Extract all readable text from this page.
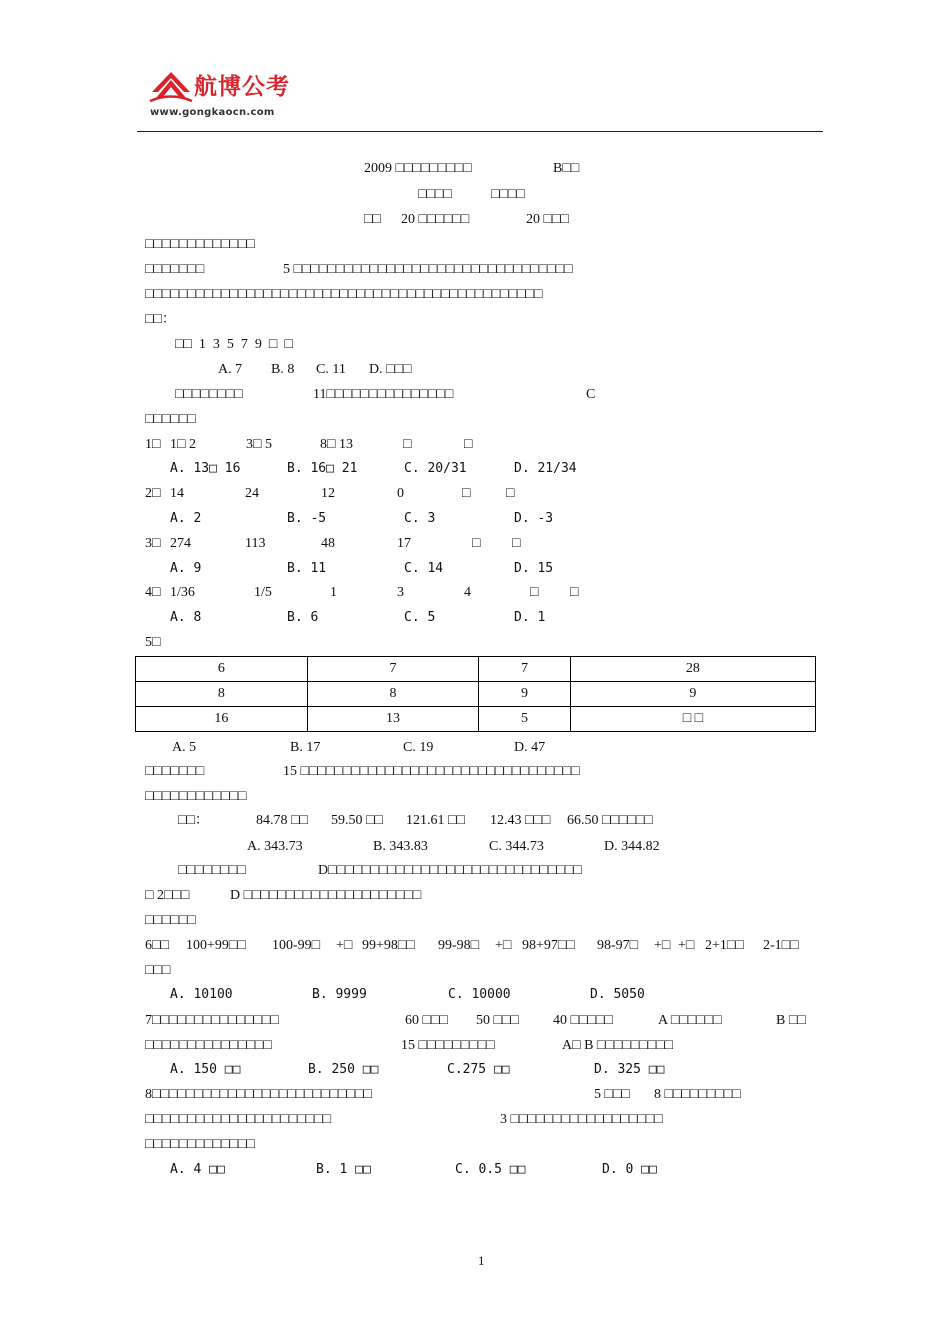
航博公考
www.gongkaocn.com
2009 □□□□□□□□□	B□□
□□□□	□□□□
□□ 20 □□□□□□	20 □□□
□□□□□□□□□□□□□
□□□□□□□	5 □□□□□□□□□□□□□□□□□□□□□□□□□□□□□□□□□
□□□□□□□□□□□□□□□□□□□□□□□□□□□□□□□□□□□□□□□□□□□□□□□
□□：
□□  1  3  5  7  9  □  □
A. 7 B. 8 C. 11 D. □□□
□□□□□□□□	11□□□□□□□□□□□□□□□	C
□□□□□□
1□ 1□ 2	3□ 5	8□ 13	□	□
A. 13□ 16	B. 16□ 21	C. 20/31	D. 21/34
2□ 14	24	12	0	□	□
A. 2	B. -5	C. 3	D. -3
3□ 274	113	48	17	□ □
A. 9	B. 11	C. 14	D. 15
4□ 1/36	1/5	1	3	4	□ □
A. 8	B. 6	C. 5	D. 1
5□
6	7	7	28
8	8	9	9
16	13	5	□ □
A. 5	B. 17	C. 19	D. 47
□□□□□□□	15 □□□□□□□□□□□□□□□□□□□□□□□□□□□□□□□□□
□□□□□□□□□□□□
□□：	84.78 □□ 59.50 □□ 121.61 □□ 12.43 □□□ 66.50 □□□□□□
A. 343.73	B. 343.83	C. 344.73	D. 344.82
□□□□□□□□	D□□□□□□□□□□□□□□□□□□□□□□□□□□□□□□
□ 2□□□	D □□□□□□□□□□□□□□□□□□□□□
□□□□□□
6□□ 100+99□□ 100-99□ +□ 99+98□□ 99-98□ +□ 98+97□□ 98-97□ +□ +□ 2+1□□ 2-1□□
□□□
A. 10100	B. 9999	C. 10000	D. 5050
7□□□□□□□□□□□□□□□	60 □□□ 50 □□□ 40 □□□□□	A □□□□□□	B □□
□□□□□□□□□□□□□□□	15 □□□□□□□□□	A□ B □□□□□□□□□
A. 150 □□	B. 250 □□	C.275 □□	D. 325 □□
8□□□□□□□□□□□□□□□□□□□□□□□□□□	5 □□□ 8 □□□□□□□□□
□□□□□□□□□□□□□□□□□□□□□□	3 □□□□□□□□□□□□□□□□□□
□□□□□□□□□□□□□
A. 4 □□	B. 1 □□	C. 0.5 □□	D. 0 □□
1
